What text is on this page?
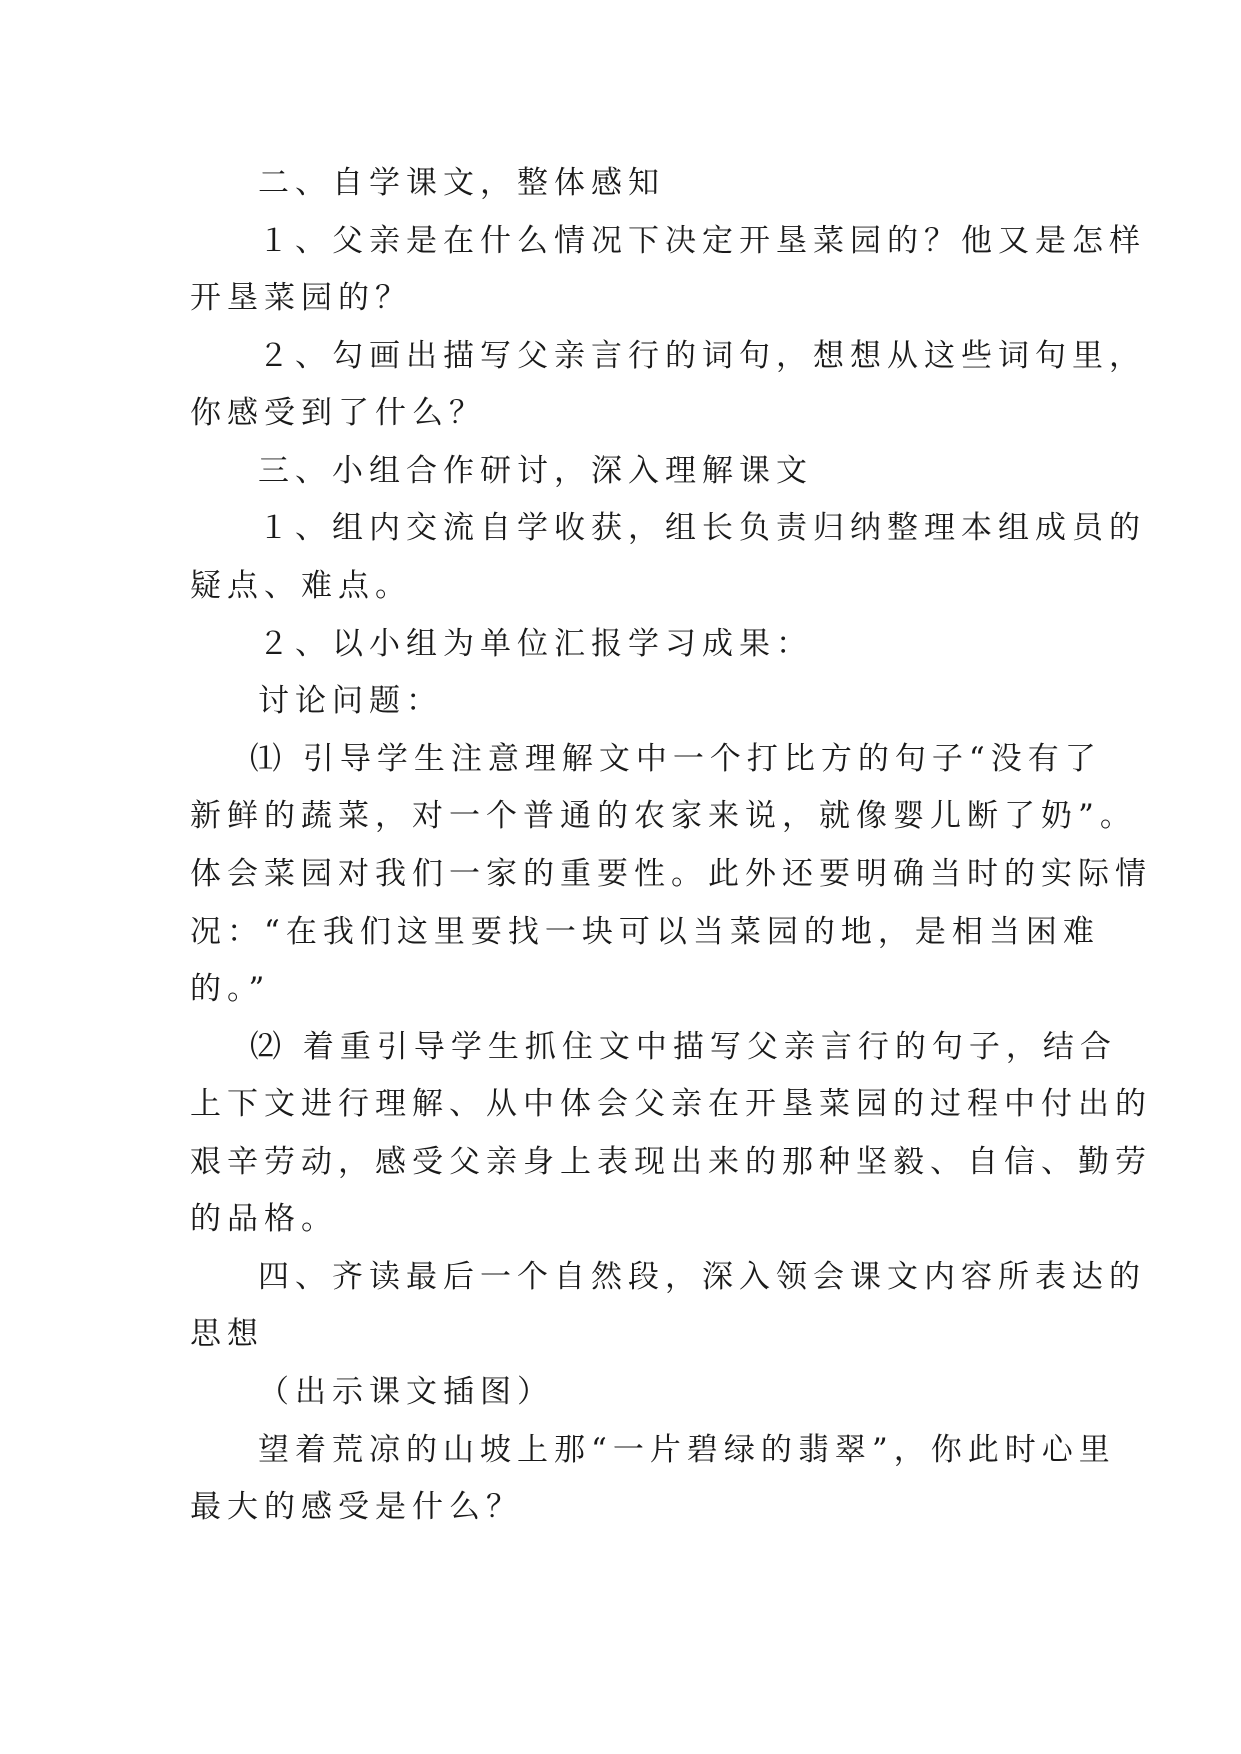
二、自学课文，整体感知
１、父亲是在什么情况下决定开垦菜园的？他又是怎样
开垦菜园的？
２、勾画出描写父亲言行的词句，想想从这些词句里，
你感受到了什么？
三、小组合作研讨，深入理解课文
１、组内交流自学收获，组长负责归纳整理本组成员的
疑点、难点。
２、以小组为单位汇报学习成果：
讨论问题：
⑴ 引导学生注意理解文中一个打比方的句子“没有了
新鲜的蔬菜，对一个普通的农家来说，就像婴儿断了奶”。
体会菜园对我们一家的重要性。此外还要明确当时的实际情
况：“在我们这里要找一块可以当菜园的地，是相当困难
的。”
⑵ 着重引导学生抓住文中描写父亲言行的句子，结合
上下文进行理解、从中体会父亲在开垦菜园的过程中付出的
艰辛劳动，感受父亲身上表现出来的那种坚毅、自信、勤劳
的品格。
四、齐读最后一个自然段，深入领会课文内容所表达的
思想
（出示课文插图）
望着荒凉的山坡上那“一片碧绿的翡翠”，你此时心里
最大的感受是什么？
